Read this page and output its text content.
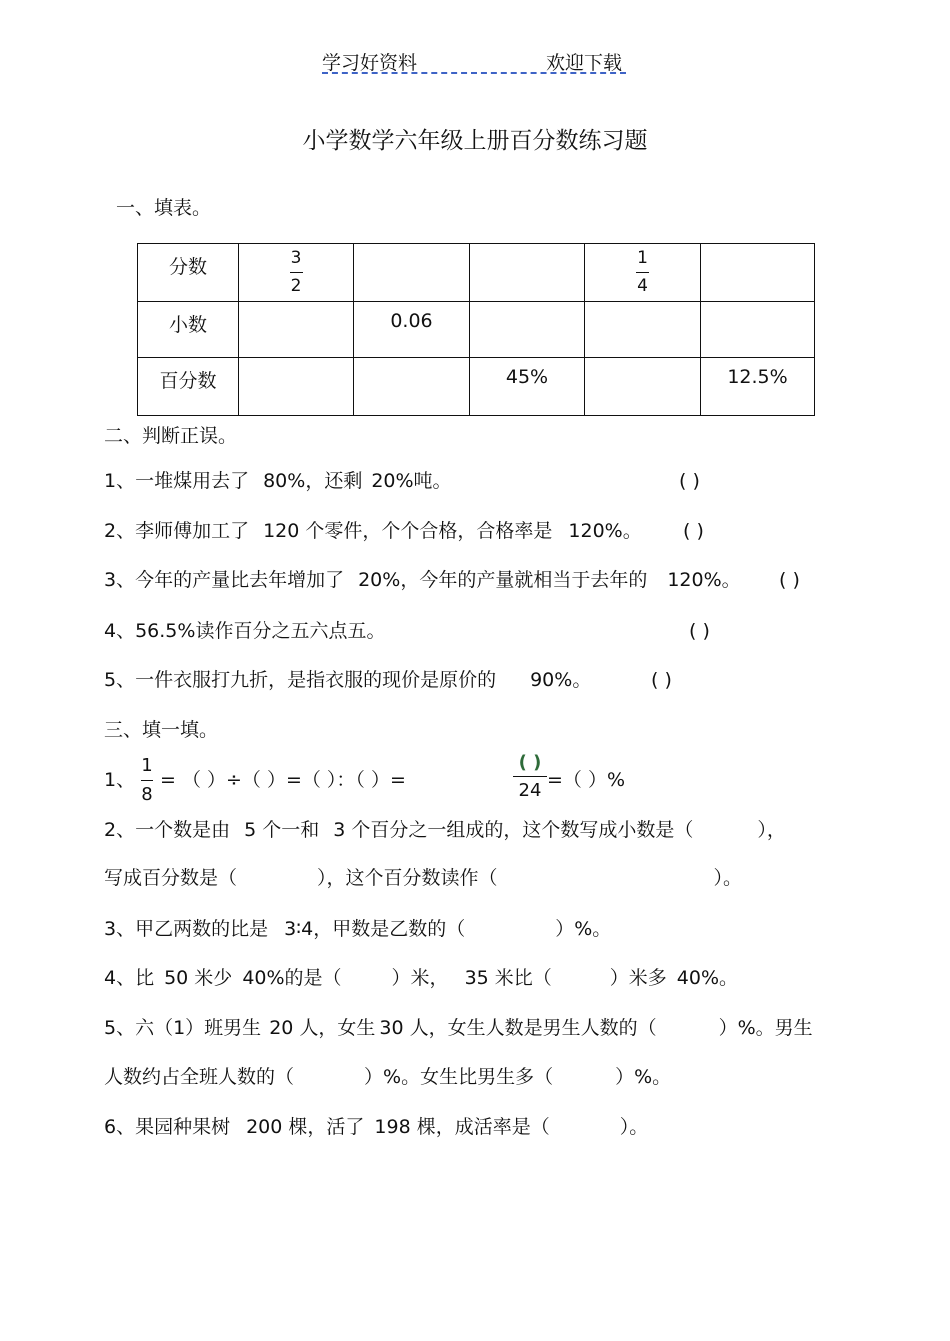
学习好资料	欢迎下载
小学数学六年级上册百分数练习题
一、填表。
分数	$\frac{3}{2}$			$\frac{1}{4}$

小数		0.06			

百分数			45%		12.5%
二、判断正误。
1、一堆煤用去了 80%，还剩 20%吨。	( )
2、李师傅加工了 120 个零件，个个合格，合格率是 120%。 ( )
3、今年的产量比去年增加了 20%，今年的产量就相当于去年的 120%。 ( )
4、56.5%读作百分之五六点五。	( )
5、一件衣服打九折，是指衣服的现价是原价的 90%。	( )
三、填一填。
1、
1
8
= （ ）÷（ ）=（ ）：（ ）=
( )
24 =（ ）%
2、一个数是由 5 个一和 3 个百分之一组成的，这个数写成小数是（	），
写成百分数是（	），这个百分数读作（	）。
3、甲乙两数的比是 3∶4，甲数是乙数的（	）%。
4、比 50 米少 40%的是（	）米， 35 米比（	）米多 40%。
5、六（1）班男生 20 人，女生 30 人，女生人数是男生人数的（	）%。男生
人数约占全班人数的（	）%。女生比男生多（	）%。
6、果园种果树 200 棵，活了 198 棵，成活率是（	）。
